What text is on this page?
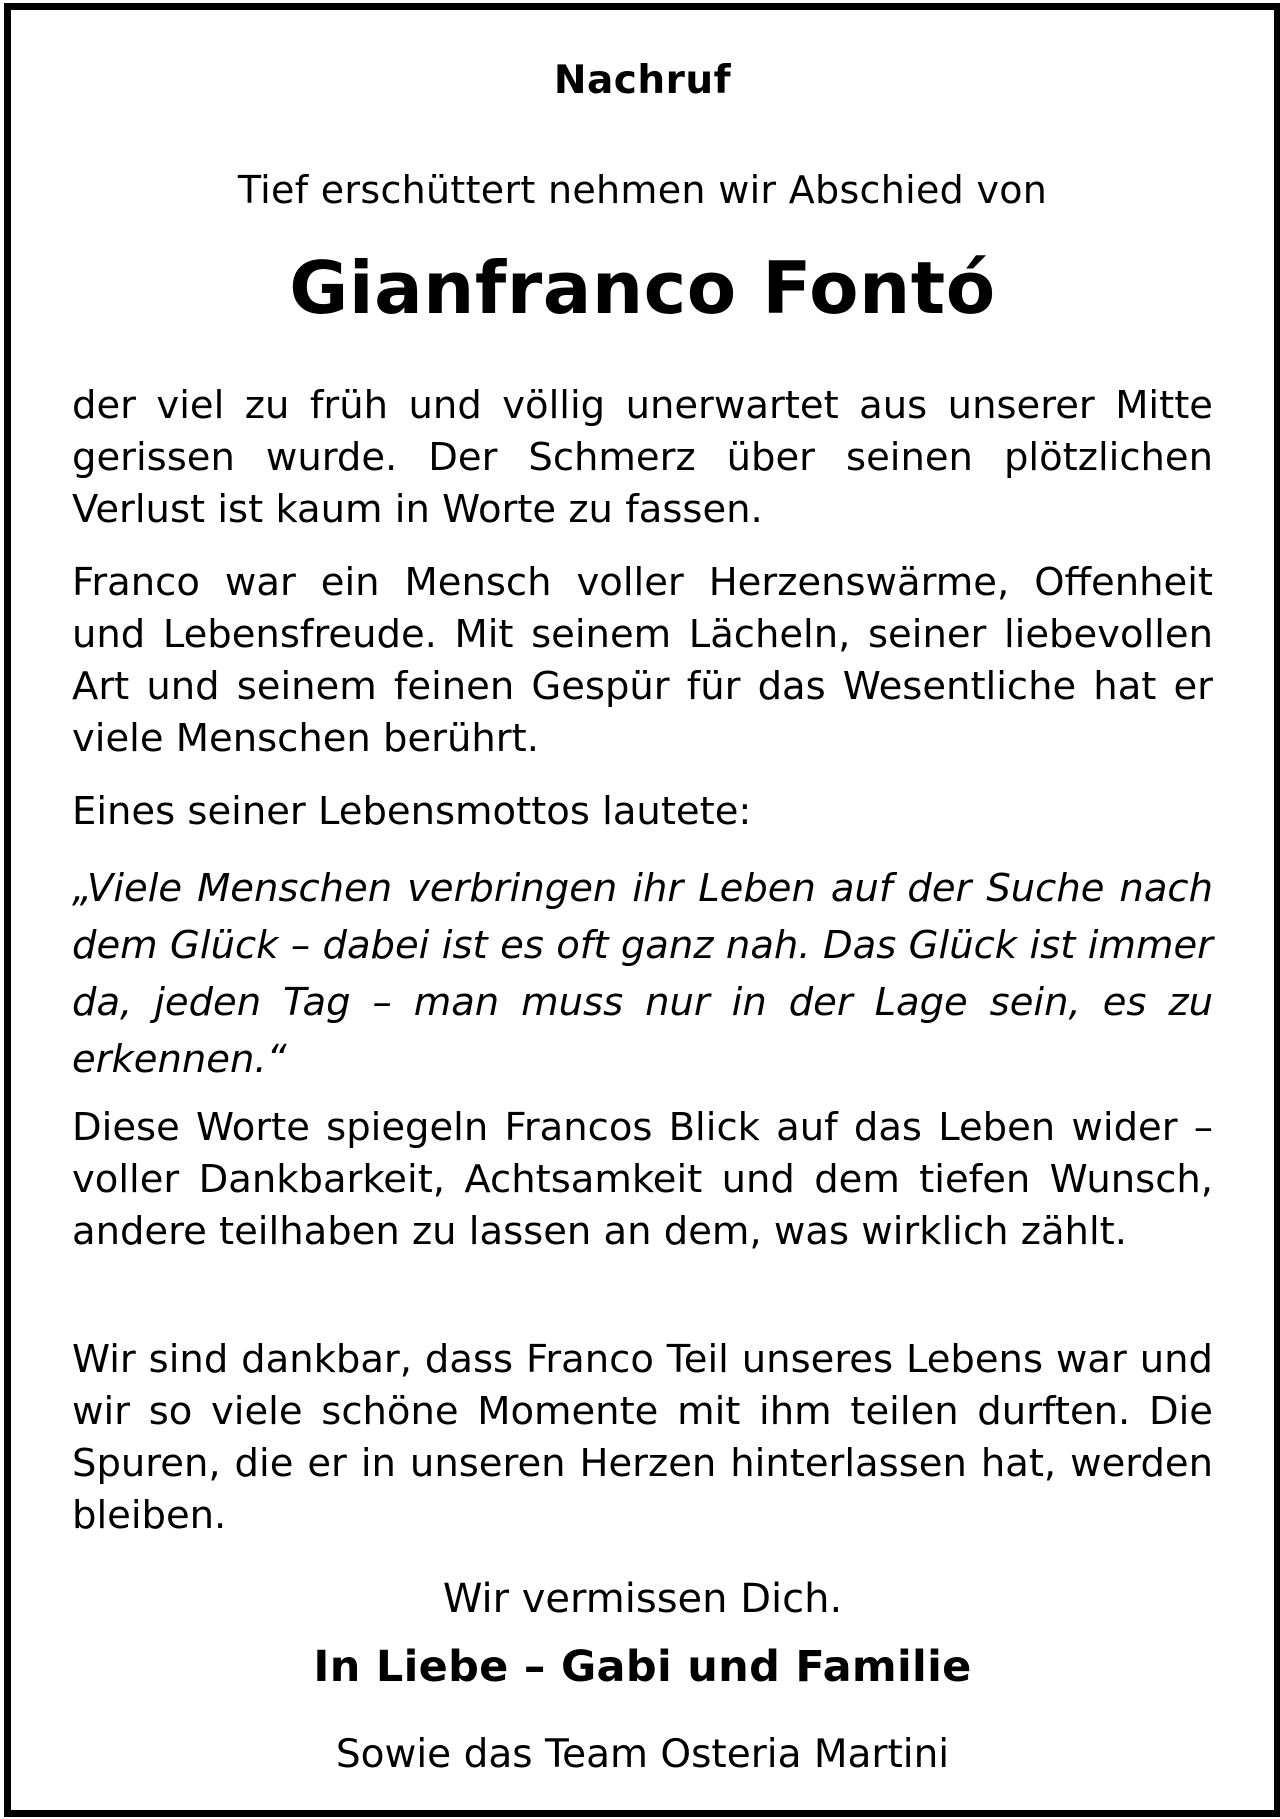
Nachruf
Tief erschüttert nehmen wir Abschied von
Gianfranco Fontó

der viel zu früh und völlig unerwartet aus unserer Mitte gerissen wurde. Der Schmerz über seinen plötzlichen Verlust ist kaum in Worte zu fassen.

Franco war ein Mensch voller Herzenswärme, Offenheit und Lebensfreude. Mit seinem Lächeln, seiner liebevollen Art und seinem feinen Gespür für das Wesentliche hat er viele Menschen berührt.

Eines seiner Lebensmottos lautete:

„Viele Menschen verbringen ihr Leben auf der Suche nach dem Glück – dabei ist es oft ganz nah. Das Glück ist immer da, jeden Tag – man muss nur in der Lage sein, es zu erkennen.“

Diese Worte spiegeln Francos Blick auf das Leben wider – voller Dankbarkeit, Achtsamkeit und dem tiefen Wunsch, andere teilhaben zu lassen an dem, was wirklich zählt.

Wir sind dankbar, dass Franco Teil unseres Lebens war und wir so viele schöne Momente mit ihm teilen durften. Die Spuren, die er in unseren Herzen hinterlassen hat, werden bleiben.

Wir vermissen Dich.
In Liebe – Gabi und Familie
Sowie das Team Osteria Martini
